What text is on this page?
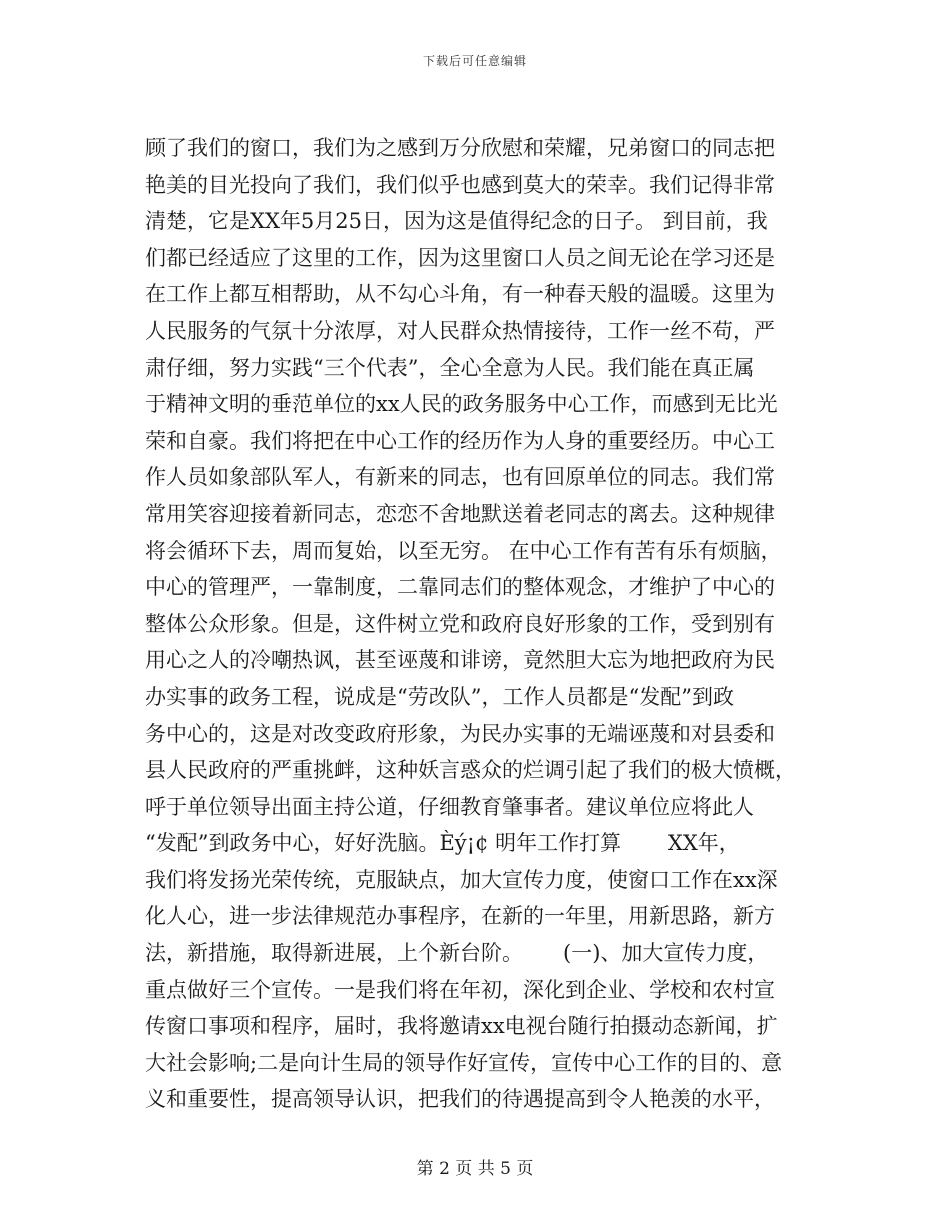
下载后可任意编辑
顾了我们的窗口，我们为之感到万分欣慰和荣耀，兄弟窗口的同志把
艳美的目光投向了我们，我们似乎也感到莫大的荣幸。我们记得非常
清楚，它是XX年5月25日，因为这是值得纪念的日子。 到目前，我
们都已经适应了这里的工作，因为这里窗口人员之间无论在学习还是
在工作上都互相帮助，从不勾心斗角，有一种春天般的温暖。这里为
人民服务的气氛十分浓厚，对人民群众热情接待，工作一丝不苟，严
肃仔细，努力实践“三个代表”，全心全意为人民。我们能在真正属
于精神文明的垂范单位的xx人民的政务服务中心工作，而感到无比光
荣和自豪。我们将把在中心工作的经历作为人身的重要经历。中心工
作人员如象部队军人，有新来的同志，也有回原单位的同志。我们常
常用笑容迎接着新同志，恋恋不舍地默送着老同志的离去。这种规律
将会循环下去，周而复始，以至无穷。 在中心工作有苦有乐有烦脑，
中心的管理严，一靠制度，二靠同志们的整体观念，才维护了中心的
整体公众形象。但是，这件树立党和政府良好形象的工作，受到别有
用心之人的冷嘲热讽，甚至诬蔑和诽谤，竟然胆大忘为地把政府为民
办实事的政务工程，说成是“劳改队”，工作人员都是“发配”到政
务中心的，这是对改变政府形象，为民办实事的无端诬蔑和对县委和
县人民政府的严重挑衅，这种妖言惑众的烂调引起了我们的极大愤概，
呼于单位领导出面主持公道，仔细教育肇事者。建议单位应将此人
“发配”到政务中心，好好洗脑。Èý¡¢ 明年工作打算       XX年，
我们将发扬光荣传统，克服缺点，加大宣传力度，使窗口工作在xx深
化人心，进一步法律规范办事程序，在新的一年里，用新思路，新方
法，新措施，取得新进展，上个新台阶。      (一)、加大宣传力度，
重点做好三个宣传。一是我们将在年初，深化到企业、学校和农村宣
传窗口事项和程序，届时，我将邀请xx电视台随行拍摄动态新闻，扩
大社会影响;二是向计生局的领导作好宣传，宣传中心工作的目的、意
义和重要性，提高领导认识，把我们的待遇提高到令人艳羡的水平，
第 2 页 共 5 页
